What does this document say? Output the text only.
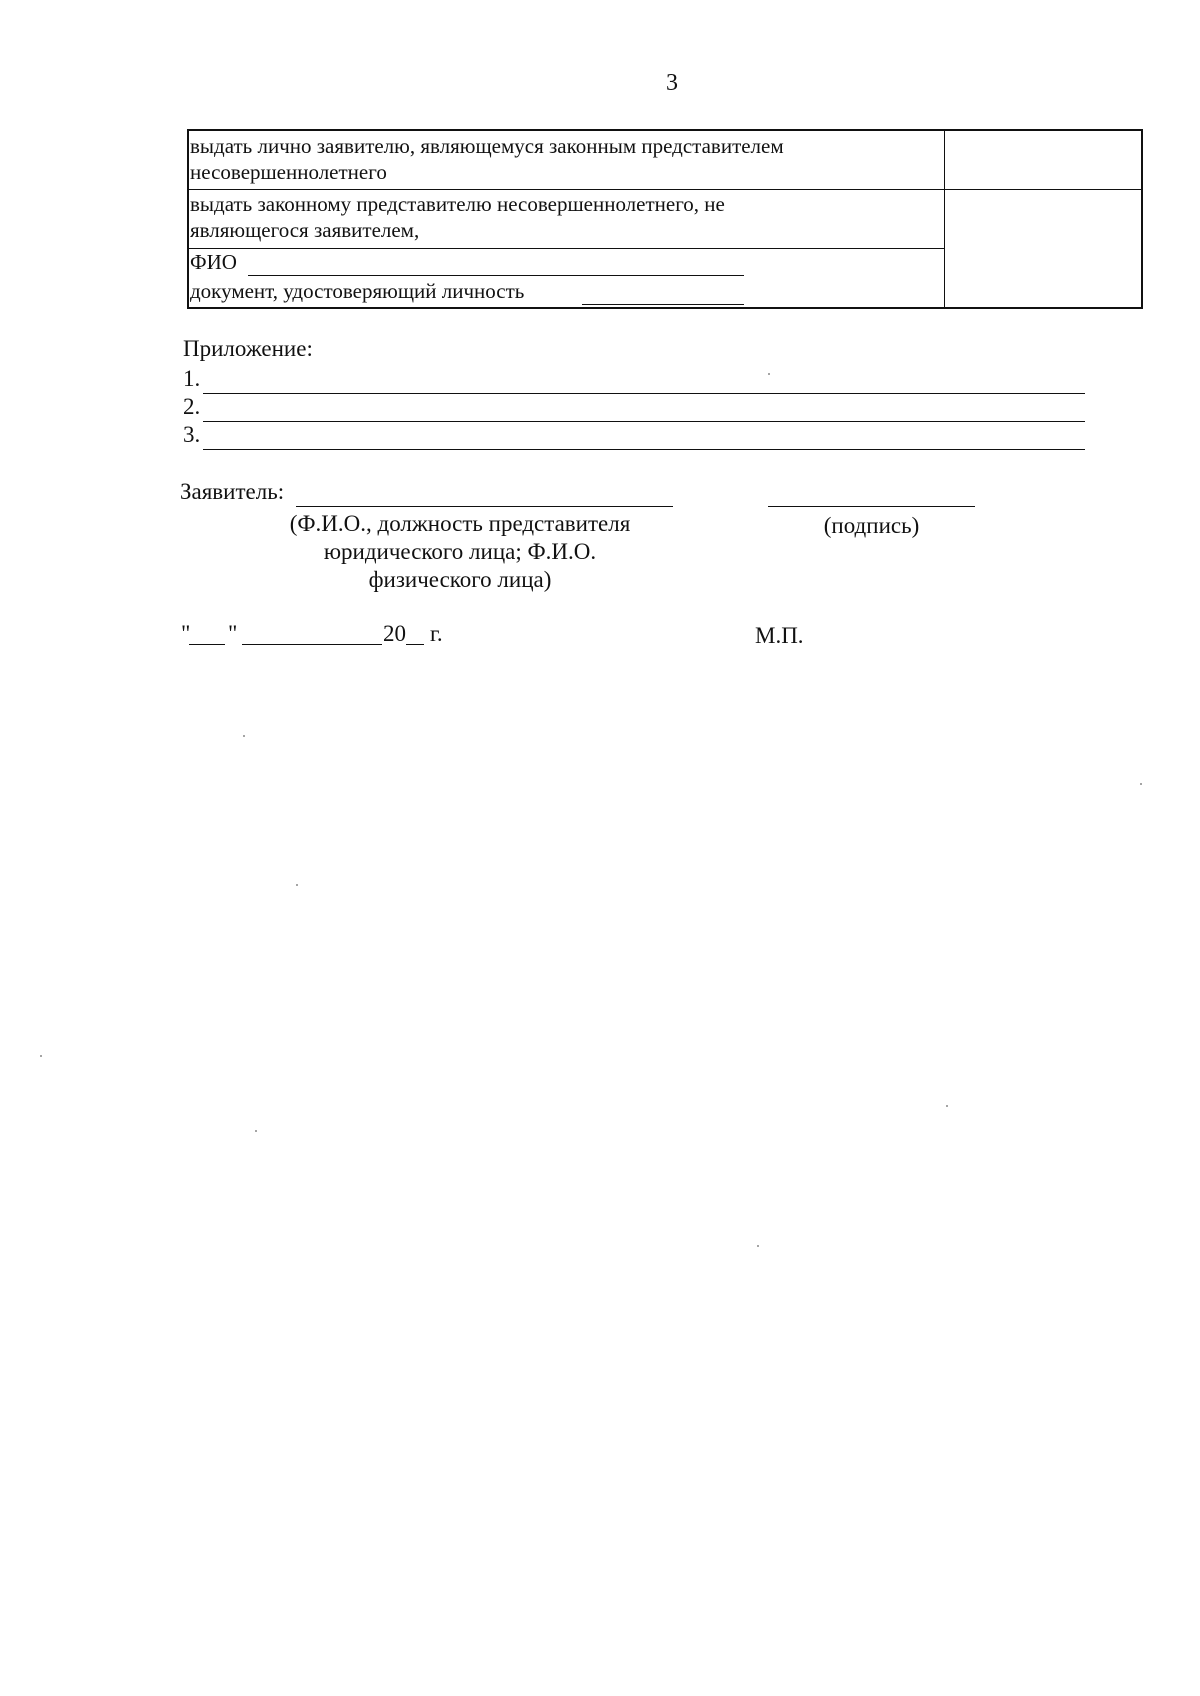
3
выдать лично заявителю, являющемуся законным представителем
несовершеннолетнего
выдать законному представителю несовершеннолетнего, не
являющегося заявителем,
ФИО
документ, удостоверяющий личность
Приложение:
1.
2.
3.
Заявитель:
(Ф.И.О., должность представителя
юридического лица; Ф.И.О.
физического лица)
(подпись)
" "	20 г.	М.П.
